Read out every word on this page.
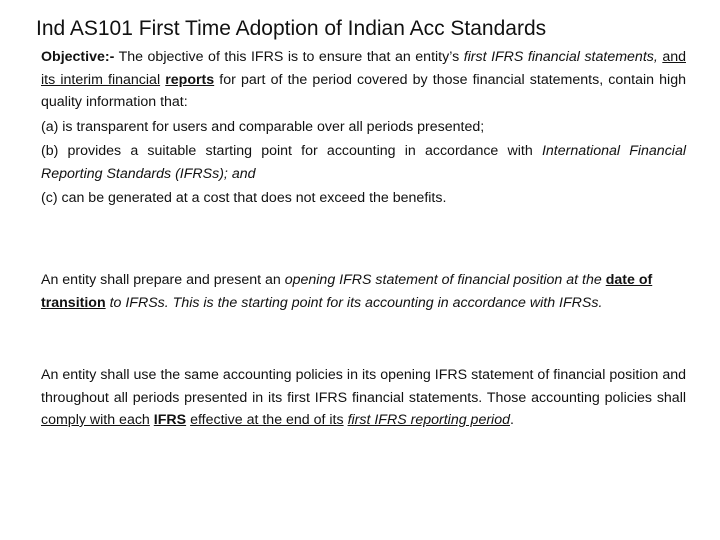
Ind AS101 First Time Adoption of Indian Acc Standards

Objective:- The objective of this IFRS is to ensure that an entity’s first IFRS financial statements, and its interim financial reports for part of the period covered by those financial statements, contain high quality information that:

(a) is transparent for users and comparable over all periods presented;

(b) provides a suitable starting point for accounting in accordance with International Financial Reporting Standards (IFRSs); and

(c) can be generated at a cost that does not exceed the benefits.

An entity shall prepare and present an opening IFRS statement of financial position at the date of transition to IFRSs. This is the starting point for its accounting in accordance with IFRSs.

An entity shall use the same accounting policies in its opening IFRS statement of financial position and throughout all periods presented in its first IFRS financial statements. Those accounting policies shall comply with each IFRS effective at the end of its first IFRS reporting period.
